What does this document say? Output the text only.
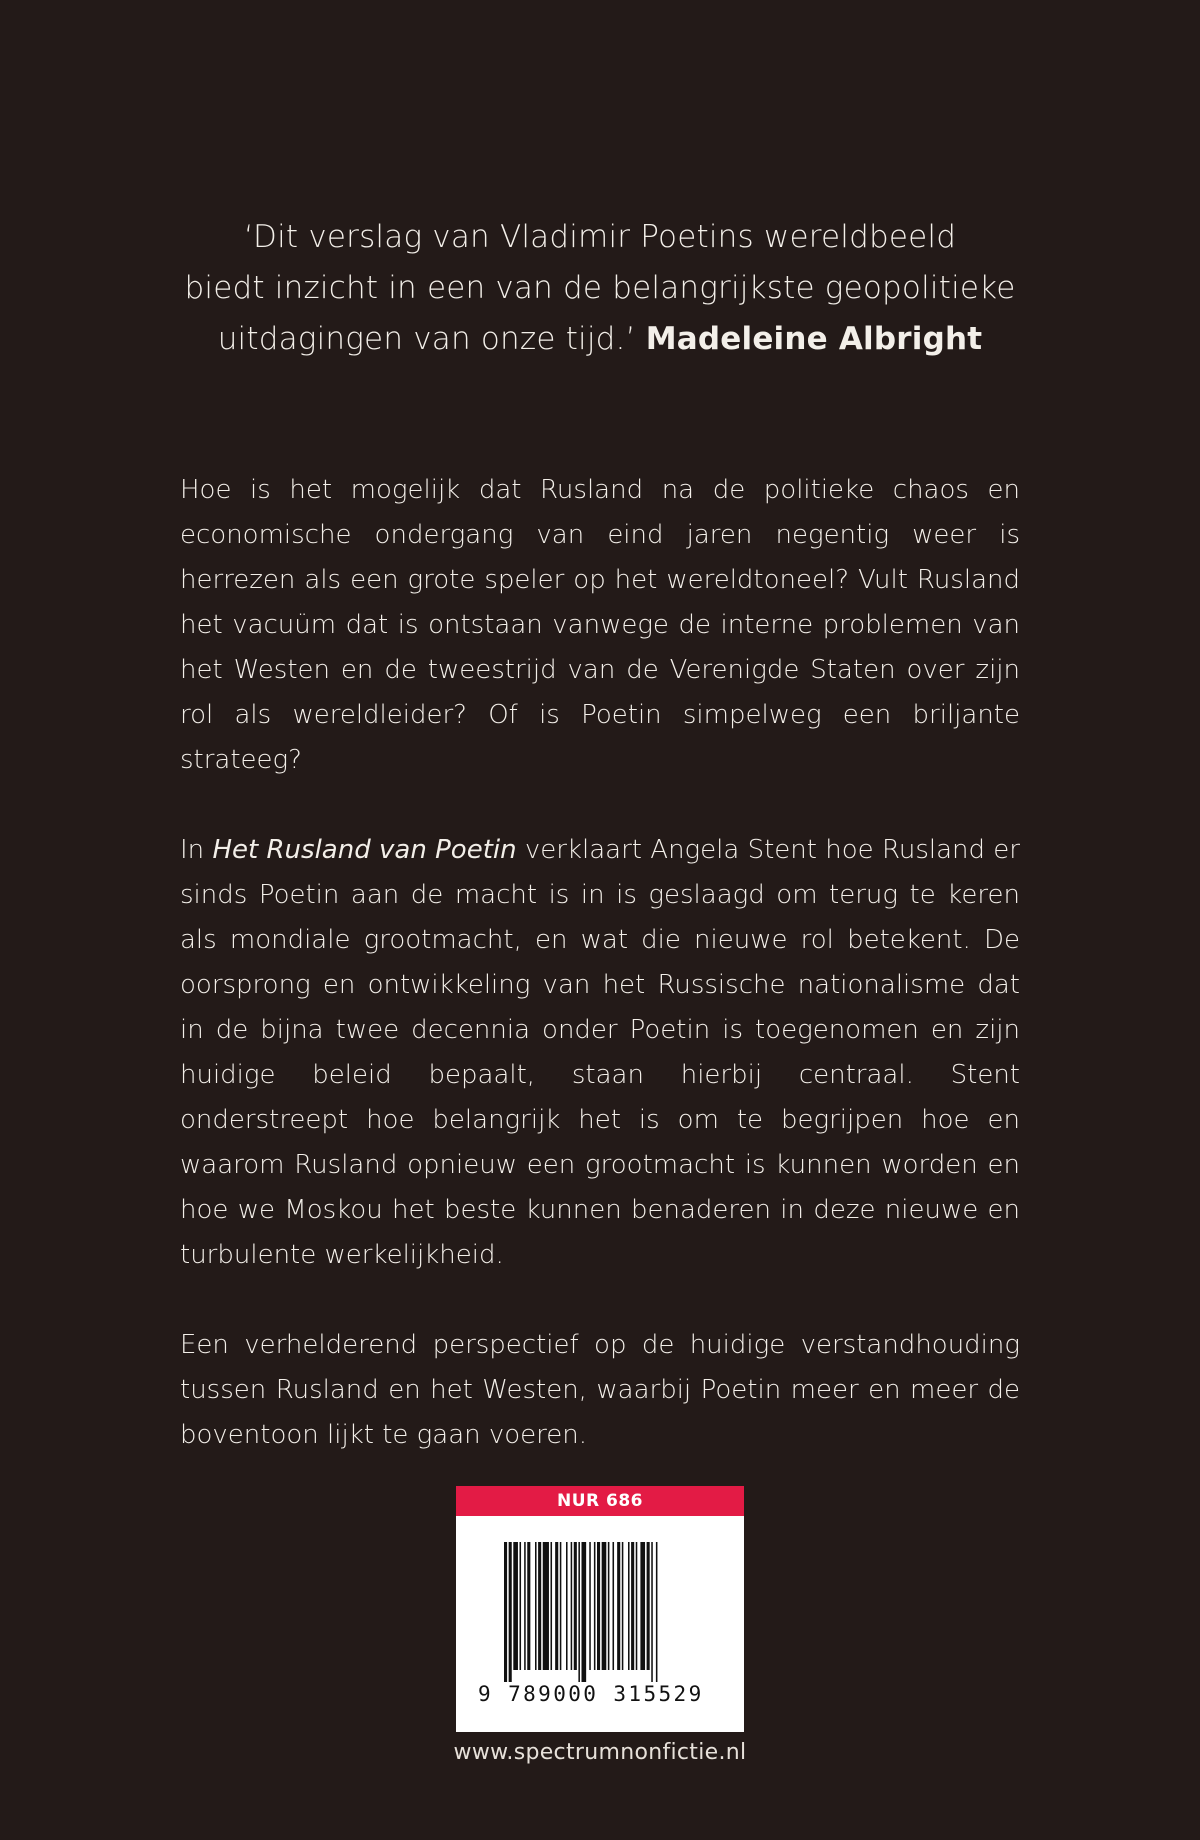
‘Dit verslag van Vladimir Poetins wereldbeeld
biedt inzicht in een van de belangrijkste geopolitieke
uitdagingen van onze tijd.’ Madeleine Albright

Hoe is het mogelijk dat Rusland na de politieke chaos en economische ondergang van eind jaren negentig weer is herrezen als een grote speler op het wereldtoneel? Vult Rusland het vacuüm dat is ontstaan vanwege de interne problemen van het Westen en de tweestrijd van de Verenigde Staten over zijn rol als wereldleider? Of is Poetin simpelweg een briljante strateeg?

In Het Rusland van Poetin verklaart Angela Stent hoe Rusland er sinds Poetin aan de macht is in is geslaagd om terug te keren als mondiale grootmacht, en wat die nieuwe rol betekent. De oorsprong en ontwikkeling van het Russische nationalisme dat in de bijna twee decennia onder Poetin is toegenomen en zijn huidige beleid bepaalt, staan hierbij centraal. Stent onderstreept hoe belangrijk het is om te begrijpen hoe en waarom Rusland opnieuw een grootmacht is kunnen worden en hoe we Moskou het beste kunnen benaderen in deze nieuwe en turbulente werkelijkheid.

Een verhelderend perspectief op de huidige verstandhouding tussen Rusland en het Westen, waarbij Poetin meer en meer de boventoon lijkt te gaan voeren.

NUR 686
9 789000 315529
www.spectrumnonfictie.nl
